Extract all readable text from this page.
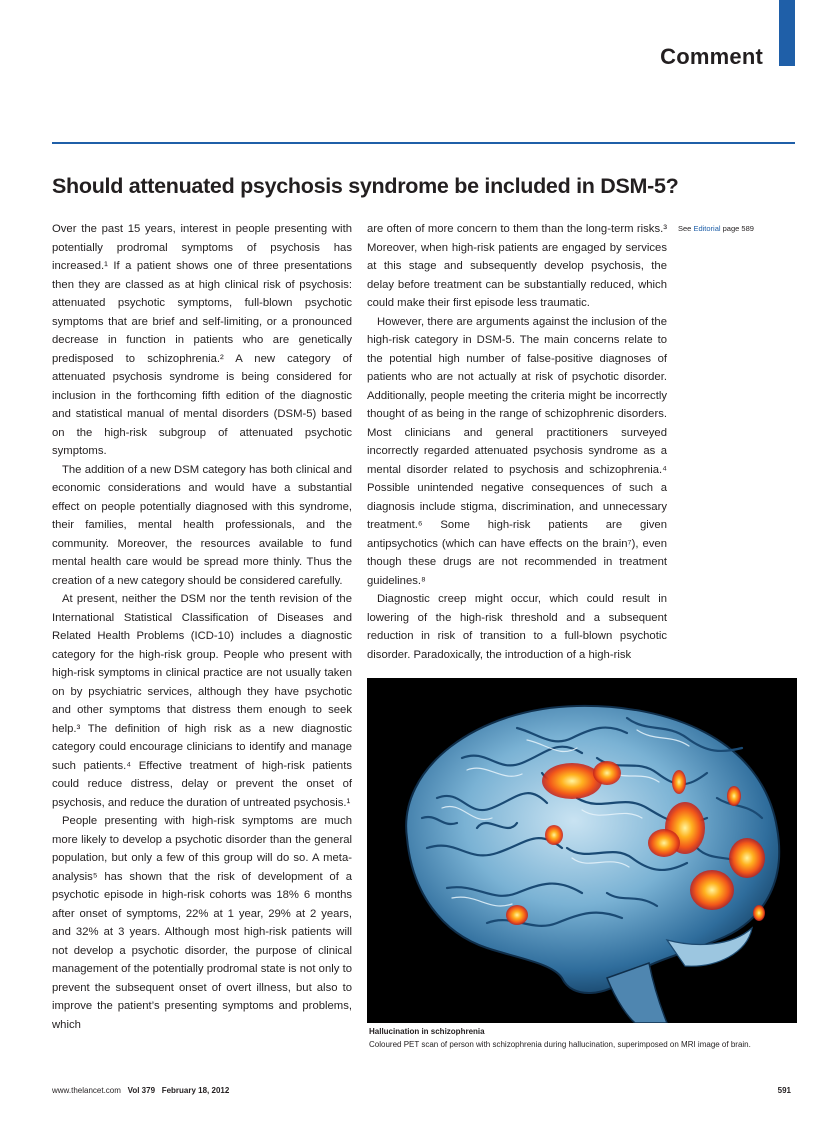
Comment
Should attenuated psychosis syndrome be included in DSM-5?

Over the past 15 years, interest in people presenting with potentially prodromal symptoms of psychosis has increased.¹ If a patient shows one of three presentations then they are classed as at high clinical risk of psychosis: attenuated psychotic symptoms, full-blown psychotic symptoms that are brief and self-limiting, or a pronounced decrease in function in patients who are genetically predisposed to schizophrenia.² A new category of attenuated psychosis syndrome is being considered for inclusion in the forthcoming fifth edition of the diagnostic and statistical manual of mental disorders (DSM-5) based on the high-risk subgroup of attenuated psychotic symptoms.

The addition of a new DSM category has both clinical and economic considerations and would have a substantial effect on people potentially diagnosed with this syndrome, their families, mental health professionals, and the community. Moreover, the resources available to fund mental health care would be spread more thinly. Thus the creation of a new category should be considered carefully.

At present, neither the DSM nor the tenth revision of the International Statistical Classification of Diseases and Related Health Problems (ICD-10) includes a diagnostic category for the high-risk group. People who present with high-risk symptoms in clinical practice are not usually taken on by psychiatric services, although they have psychotic and other symptoms that distress them enough to seek help.³ The definition of high risk as a new diagnostic category could encourage clinicians to identify and manage such patients.⁴ Effective treatment of high-risk patients could reduce distress, delay or prevent the onset of psychosis, and reduce the duration of untreated psychosis.¹

People presenting with high-risk symptoms are much more likely to develop a psychotic disorder than the general population, but only a few of this group will do so. A meta-analysis⁵ has shown that the risk of development of a psychotic episode in high-risk cohorts was 18% 6 months after onset of symptoms, 22% at 1 year, 29% at 2 years, and 32% at 3 years. Although most high-risk patients will not develop a psychotic disorder, the purpose of clinical management of the potentially prodromal state is not only to prevent the subsequent onset of overt illness, but also to improve the patient’s presenting symptoms and problems, which

are often of more concern to them than the long-term risks.³ Moreover, when high-risk patients are engaged by services at this stage and subsequently develop psychosis, the delay before treatment can be substantially reduced, which could make their first episode less traumatic.

However, there are arguments against the inclusion of the high-risk category in DSM-5. The main concerns relate to the potential high number of false-positive diagnoses of patients who are not actually at risk of psychotic disorder. Additionally, people meeting the criteria might be incorrectly thought of as being in the range of schizophrenic disorders. Most clinicians and general practitioners surveyed incorrectly regarded attenuated psychosis syndrome as a mental disorder related to psychosis and schizophrenia.⁴ Possible unintended negative consequences of such a diagnosis include stigma, discrimination, and unnecessary treatment.⁶ Some high-risk patients are given antipsychotics (which can have effects on the brain⁷), even though these drugs are not recommended in treatment guidelines.⁸

Diagnostic creep might occur, which could result in lowering of the high-risk threshold and a subsequent reduction in risk of transition to a full-blown psychotic disorder. Paradoxically, the introduction of a high-risk

See Editorial page 589
Science Photo Library
Hallucination in schizophrenia
Coloured PET scan of person with schizophrenia during hallucination, superimposed on MRI image of brain.
www.thelancet.com Vol 379 February 18, 2012	591
